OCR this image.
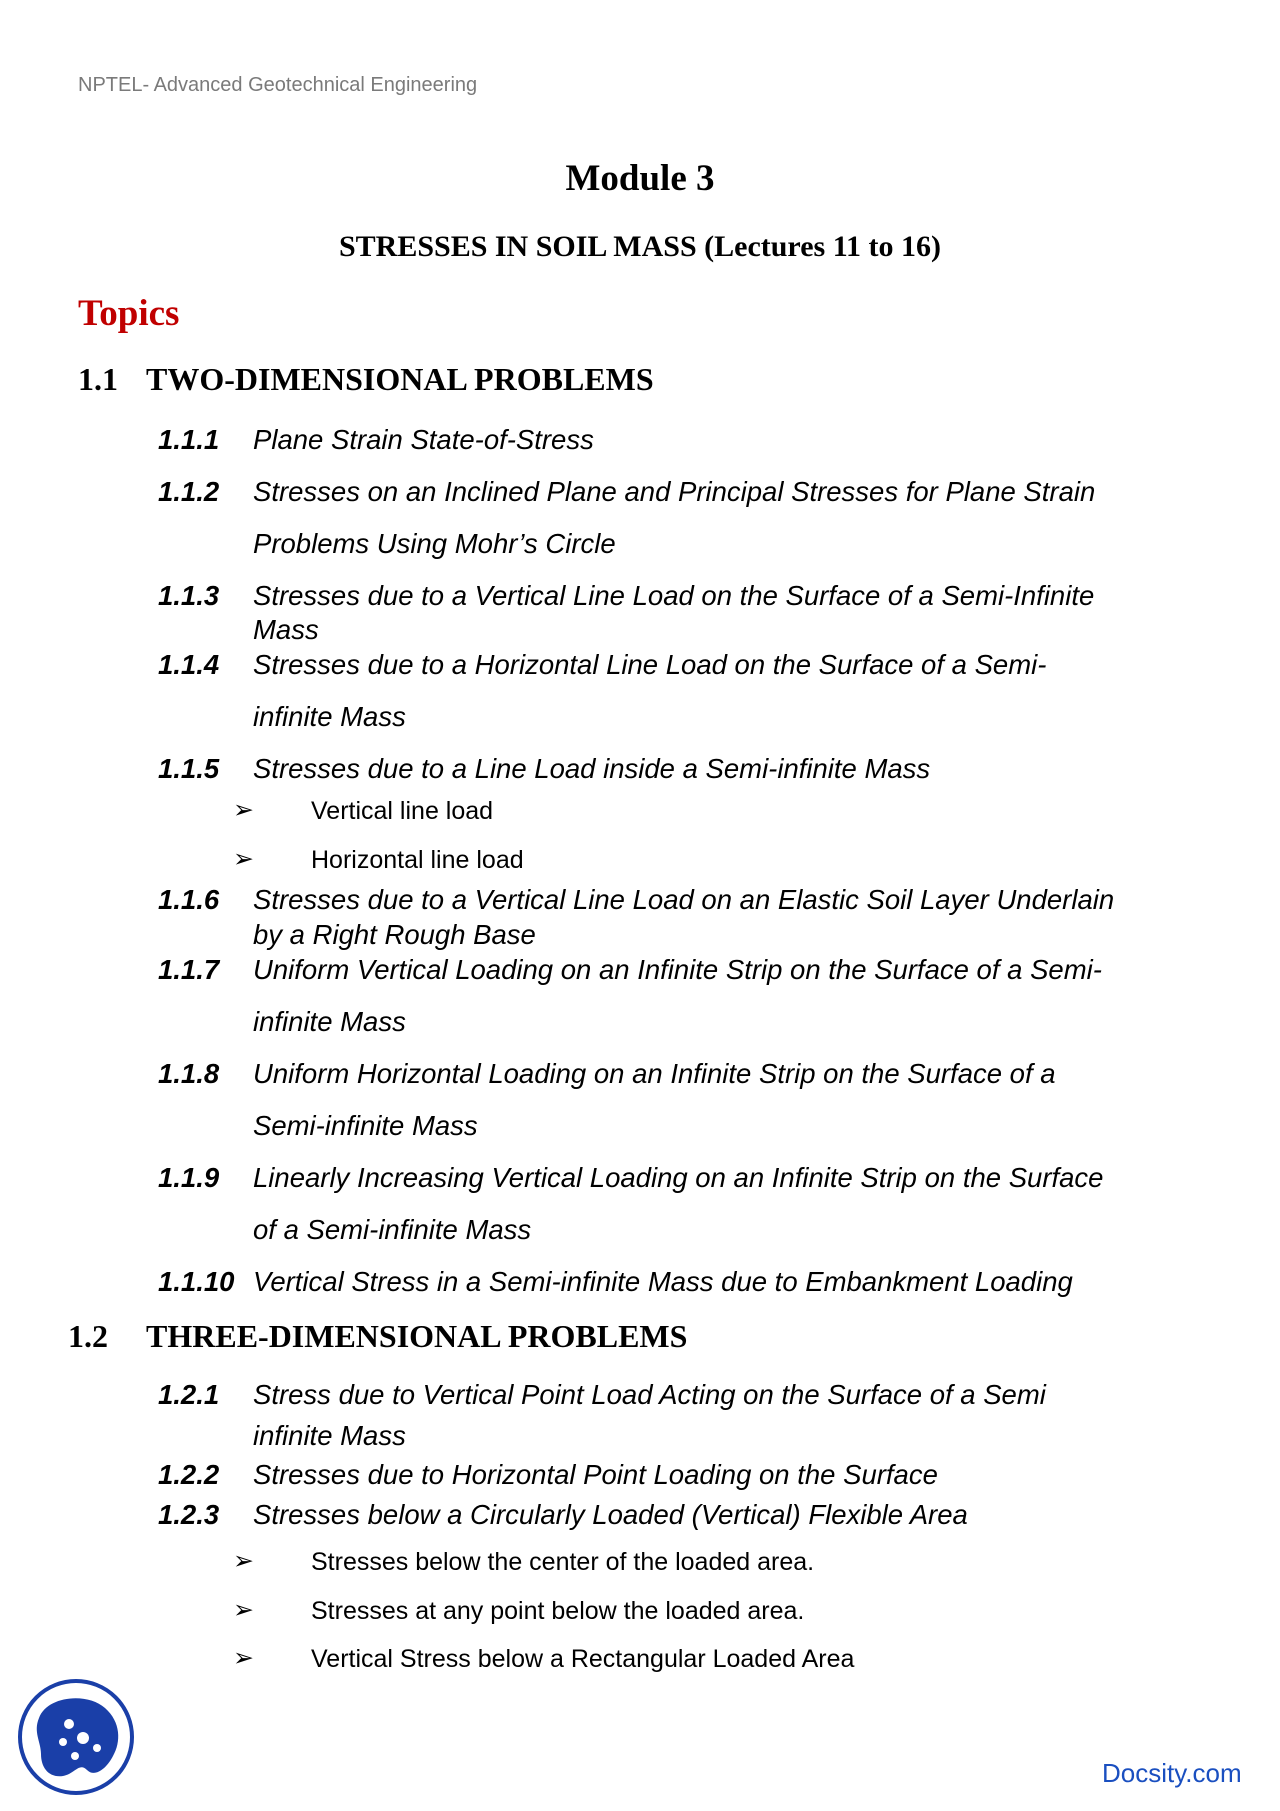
NPTEL- Advanced Geotechnical Engineering
Module 3
STRESSES IN SOIL MASS (Lectures 11 to 16)
Topics
1.1 TWO-DIMENSIONAL PROBLEMS
1.1.1 Plane Strain State-of-Stress
1.1.2 Stresses on an Inclined Plane and Principal Stresses for Plane Strain
Problems Using Mohr’s Circle
1.1.3 Stresses due to a Vertical Line Load on the Surface of a Semi-Infinite
Mass
1.1.4 Stresses due to a Horizontal Line Load on the Surface of a Semi-
infinite Mass
1.1.5 Stresses due to a Line Load inside a Semi-infinite Mass
➢ Vertical line load
➢ Horizontal line load
1.1.6 Stresses due to a Vertical Line Load on an Elastic Soil Layer Underlain
by a Right Rough Base
1.1.7 Uniform Vertical Loading on an Infinite Strip on the Surface of a Semi-
infinite Mass
1.1.8 Uniform Horizontal Loading on an Infinite Strip on the Surface of a
Semi-infinite Mass
1.1.9 Linearly Increasing Vertical Loading on an Infinite Strip on the Surface
of a Semi-infinite Mass
1.1.10 Vertical Stress in a Semi-infinite Mass due to Embankment Loading
1.2 THREE-DIMENSIONAL PROBLEMS
1.2.1 Stress due to Vertical Point Load Acting on the Surface of a Semi
infinite Mass
1.2.2 Stresses due to Horizontal Point Loading on the Surface
1.2.3 Stresses below a Circularly Loaded (Vertical) Flexible Area
➢ Stresses below the center of the loaded area.
➢ Stresses at any point below the loaded area.
➢ Vertical Stress below a Rectangular Loaded Area
Docsity.com
